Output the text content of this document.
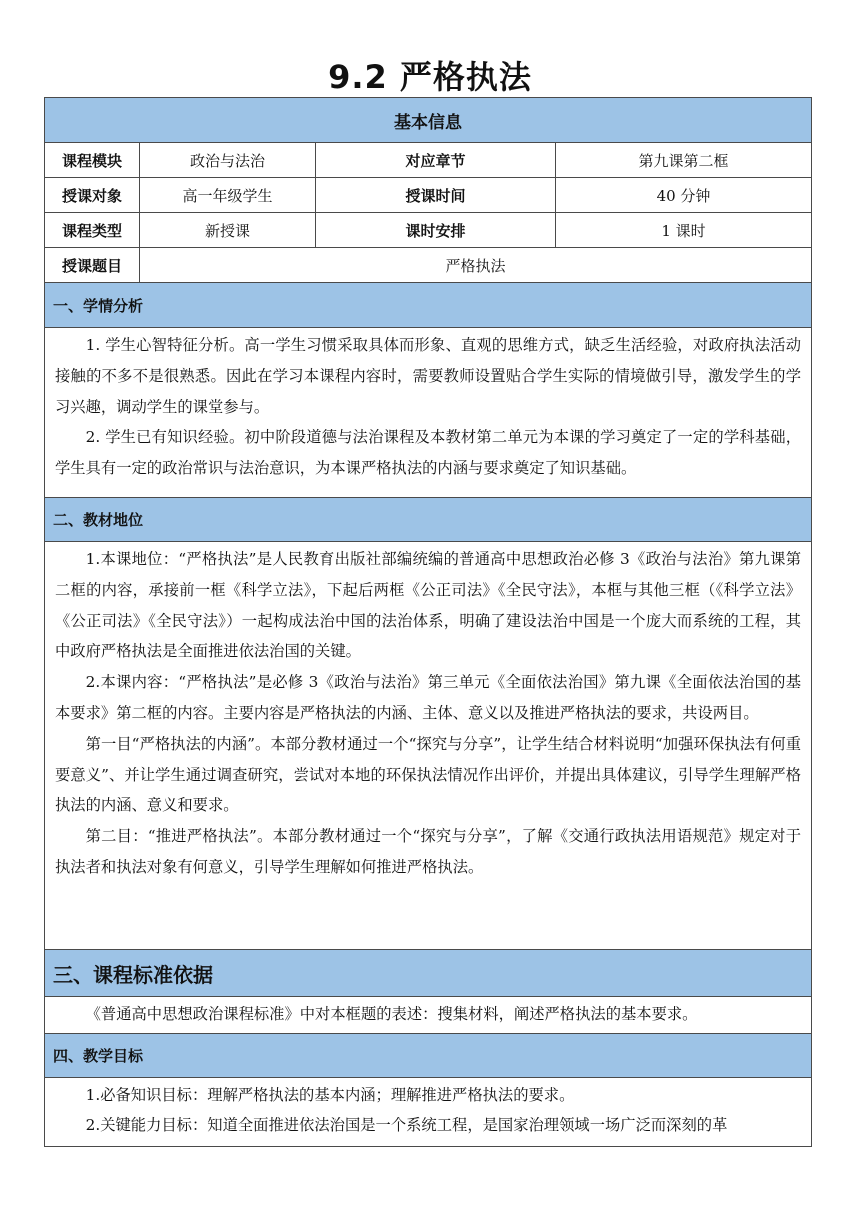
9.2 严格执法
基本信息			
课程模块	政治与法治	对应章节	第九课第二框
授课对象	高一年级学生	授课时间	40 分钟
课程类型	新授课	课时安排	1 课时
授课题目	严格执法		
一、学情分析			

1. 学生心智特征分析。高一学生习惯采取具体而形象、直观的思维方式，缺乏生活经验，对政府执法活动接触的不多不是很熟悉。因此在学习本课程内容时，需要教师设置贴合学生实际的情境做引导，激发学生的学习兴趣，调动学生的课堂参与。

2. 学生已有知识经验。初中阶段道德与法治课程及本教材第二单元为本课的学习奠定了一定的学科基础，学生具有一定的政治常识与法治意识，为本课严格执法的内涵与要求奠定了知识基础。			

二、教材地位			

1.本课地位：“严格执法”是人民教育出版社部编统编的普通高中思想政治必修 3《政治与法治》第九课第二框的内容，承接前一框《科学立法》，下起后两框《公正司法》《全民守法》，本框与其他三框（《科学立法》《公正司法》《全民守法》）一起构成法治中国的法治体系，明确了建设法治中国是一个庞大而系统的工程，其中政府严格执法是全面推进依法治国的关键。

2.本课内容：“严格执法”是必修 3《政治与法治》第三单元《全面依法治国》第九课《全面依法治国的基本要求》第二框的内容。主要内容是严格执法的内涵、主体、意义以及推进严格执法的要求，共设两目。

第一目“严格执法的内涵”。本部分教材通过一个“探究与分享”，让学生结合材料说明“加强环保执法有何重要意义”、并让学生通过调查研究，尝试对本地的环保执法情况作出评价，并提出具体建议，引导学生理解严格执法的内涵、意义和要求。

第二目：“推进严格执法”。本部分教材通过一个“探究与分享”，了解《交通行政执法用语规范》规定对于执法者和执法对象有何意义，引导学生理解如何推进严格执法。			

三、课程标准依据			

《普通高中思想政治课程标准》中对本框题的表述：搜集材料，阐述严格执法的基本要求。			

四、教学目标			

1.必备知识目标：理解严格执法的基本内涵；理解推进严格执法的要求。

2.关键能力目标：知道全面推进依法治国是一个系统工程，是国家治理领域一场广泛而深刻的革			
